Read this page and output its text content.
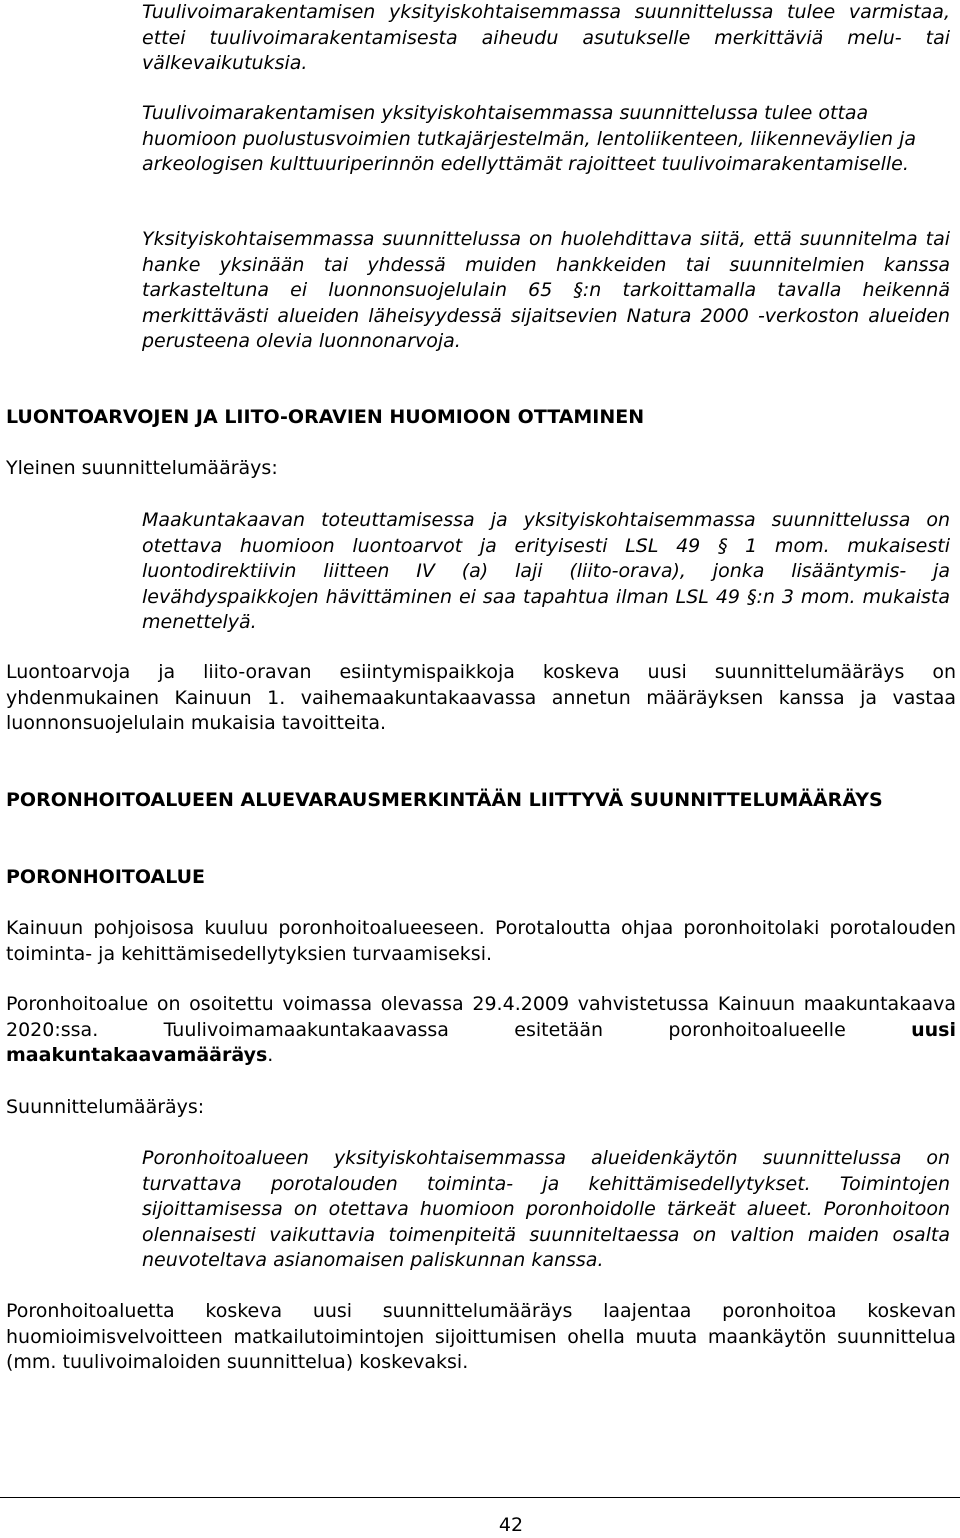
Tuulivoimarakentamisen yksityiskohtaisemmassa suunnittelussa tulee varmistaa, ettei tuulivoimarakentamisesta aiheudu asutukselle merkittäviä melu- tai välkevaikutuksia.

Tuulivoimarakentamisen yksityiskohtaisemmassa suunnittelussa tulee ottaa huomioon puolustusvoimien tutkajärjestelmän, lentoliikenteen, liikenneväylien ja arkeologisen kulttuuriperinnön edellyttämät rajoitteet tuulivoimarakentamiselle.

Yksityiskohtaisemmassa suunnittelussa on huolehdittava siitä, että suunnitelma tai hanke yksinään tai yhdessä muiden hankkeiden tai suunnitelmien kanssa tarkasteltuna ei luonnonsuojelulain 65 §:n tarkoittamalla tavalla heikennä merkittävästi alueiden läheisyydessä sijaitsevien Natura 2000 -verkoston alueiden perusteena olevia luonnonarvoja.

LUONTOARVOJEN JA LIITO-ORAVIEN HUOMIOON OTTAMINEN

Yleinen suunnittelumääräys:

Maakuntakaavan toteuttamisessa ja yksityiskohtaisemmassa suunnittelussa on otettava huomioon luontoarvot ja erityisesti LSL 49 § 1 mom. mukaisesti luontodirektiivin liitteen IV (a) laji (liito-orava), jonka lisääntymis- ja levähdyspaikkojen hävittäminen ei saa tapahtua ilman LSL 49 §:n 3 mom. mukaista menettelyä.

Luontoarvoja ja liito-oravan esiintymispaikkoja koskeva uusi suunnittelumääräys on yhdenmukainen Kainuun 1. vaihemaakuntakaavassa annetun määräyksen kanssa ja vastaa luonnonsuojelulain mukaisia tavoitteita.

PORONHOITOALUEEN ALUEVARAUSMERKINTÄÄN LIITTYVÄ SUUNNITTELUMÄÄRÄYS
PORONHOITOALUE

Kainuun pohjoisosa kuuluu poronhoitoalueeseen. Porotaloutta ohjaa poronhoitolaki porotalouden toiminta- ja kehittämisedellytyksien turvaamiseksi.

Poronhoitoalue on osoitettu voimassa olevassa 29.4.2009 vahvistetussa Kainuun maakuntakaava 2020:ssa. Tuulivoimamaakuntakaavassa esitetään poronhoitoalueelle uusi maakuntakaavamääräys.

Suunnittelumääräys:

Poronhoitoalueen yksityiskohtaisemmassa alueidenkäytön suunnittelussa on turvattava porotalouden toiminta- ja kehittämisedellytykset. Toimintojen sijoittamisessa on otettava huomioon poronhoidolle tärkeät alueet. Poronhoitoon olennaisesti vaikuttavia toimenpiteitä suunniteltaessa on valtion maiden osalta neuvoteltava asianomaisen paliskunnan kanssa.

Poronhoitoaluetta koskeva uusi suunnittelumääräys laajentaa poronhoitoa koskevan huomioimisvelvoitteen matkailutoimintojen sijoittumisen ohella muuta maankäytön suunnittelua (mm. tuulivoimaloiden suunnittelua) koskevaksi.

42
